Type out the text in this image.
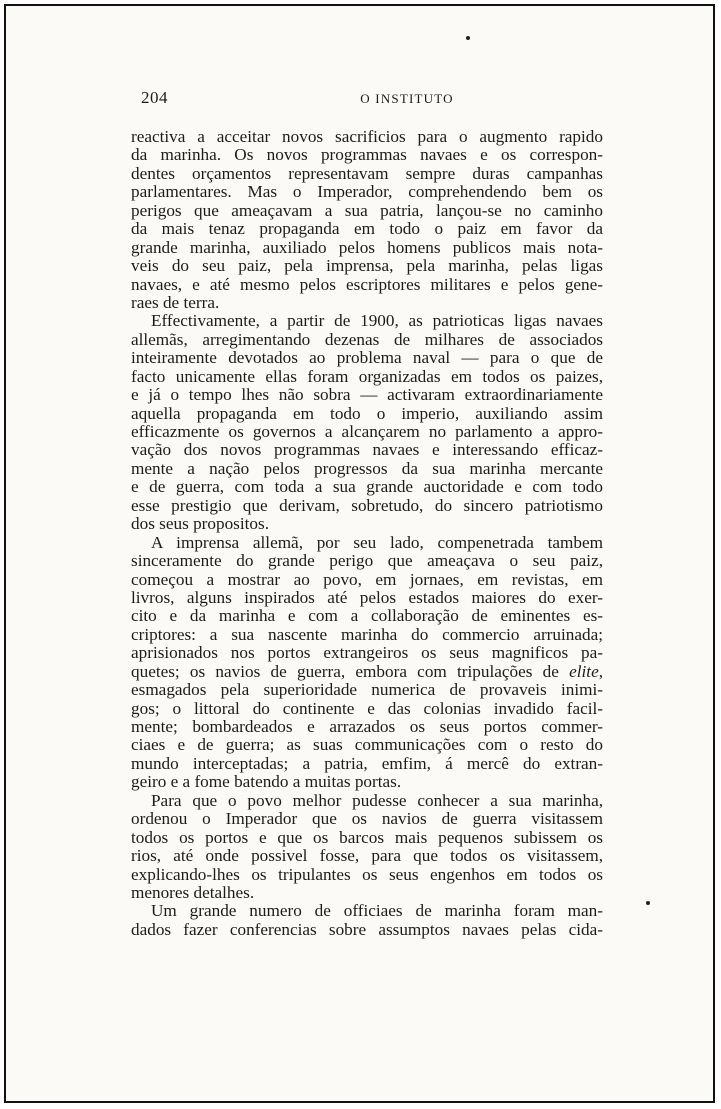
204	O INSTITUTO
reactiva a acceitar novos sacrificios para o augmento rapido
da marinha. Os novos programmas navaes e os correspon-
dentes orçamentos representavam sempre duras campanhas
parlamentares. Mas o Imperador, comprehendendo bem os
perigos que ameaçavam a sua patria, lançou-se no caminho
da mais tenaz propaganda em todo o paiz em favor da
grande marinha, auxiliado pelos homens publicos mais nota-
veis do seu paiz, pela imprensa, pela marinha, pelas ligas
navaes, e até mesmo pelos escriptores militares e pelos gene-
raes de terra.
Effectivamente, a partir de 1900, as patrioticas ligas navaes
allemãs, arregimentando dezenas de milhares de associados
inteiramente devotados ao problema naval — para o que de
facto unicamente ellas foram organizadas em todos os paizes,
e já o tempo lhes não sobra — activaram extraordinariamente
aquella propaganda em todo o imperio, auxiliando assim
efficazmente os governos a alcançarem no parlamento a appro-
vação dos novos programmas navaes e interessando efficaz-
mente a nação pelos progressos da sua marinha mercante
e de guerra, com toda a sua grande auctoridade e com todo
esse prestigio que derivam, sobretudo, do sincero patriotismo
dos seus propositos.
A imprensa allemã, por seu lado, compenetrada tambem
sinceramente do grande perigo que ameaçava o seu paiz,
começou a mostrar ao povo, em jornaes, em revistas, em
livros, alguns inspirados até pelos estados maiores do exer-
cito e da marinha e com a collaboração de eminentes es-
criptores: a sua nascente marinha do commercio arruinada;
aprisionados nos portos extrangeiros os seus magnificos pa-
quetes; os navios de guerra, embora com tripulações de elite,
esmagados pela superioridade numerica de provaveis inimi-
gos; o littoral do continente e das colonias invadido facil-
mente; bombardeados e arrazados os seus portos commer-
ciaes e de guerra; as suas communicações com o resto do
mundo interceptadas; a patria, emfim, á mercê do extran-
geiro e a fome batendo a muitas portas.
Para que o povo melhor pudesse conhecer a sua marinha,
ordenou o Imperador que os navios de guerra visitassem
todos os portos e que os barcos mais pequenos subissem os
rios, até onde possivel fosse, para que todos os visitassem,
explicando-lhes os tripulantes os seus engenhos em todos os
menores detalhes.
Um grande numero de officiaes de marinha foram man-
dados fazer conferencias sobre assumptos navaes pelas cida-
